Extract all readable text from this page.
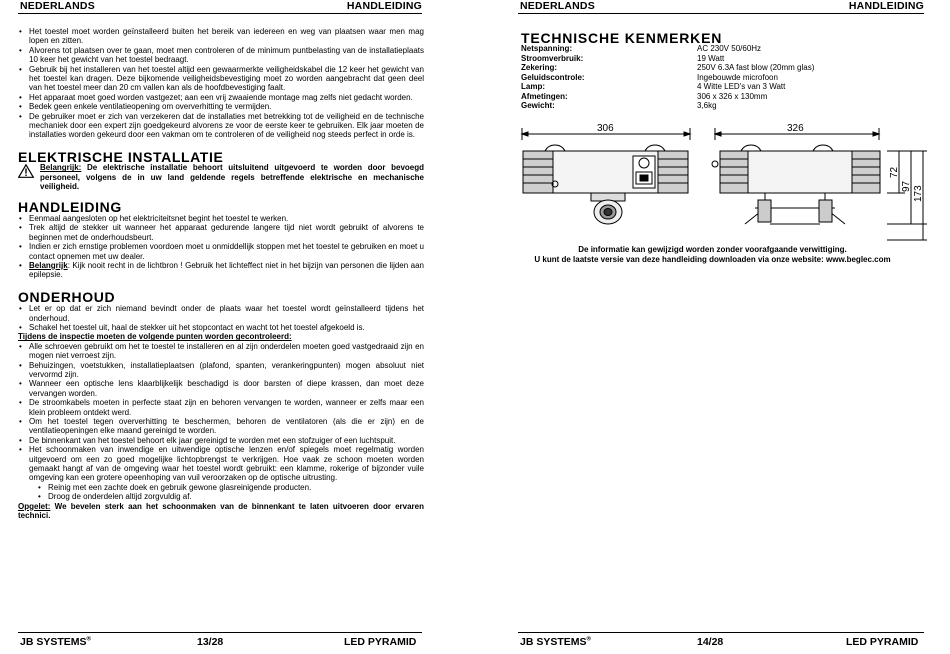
NEDERLANDS	HANDLEIDING
• Het toestel moet worden geïnstalleerd buiten het bereik van iedereen en weg van plaatsen waar men mag lopen en zitten.
• Alvorens tot plaatsen over te gaan, moet men controleren of de minimum puntbelasting van de installatieplaats 10 keer het gewicht van het toestel bedraagt.
• Gebruik bij het installeren van het toestel altijd een gewaarmerkte veiligheidskabel die 12 keer het gewicht van het toestel kan dragen. Deze bijkomende veiligheidsbevestiging moet zo worden aangebracht dat geen deel van het toestel meer dan 20 cm vallen kan als de hoofdbevestiging faalt.
• Het apparaat moet goed worden vastgezet; aan een vrij zwaaiende montage mag zelfs niet gedacht worden.
• Bedek geen enkele ventilatieopening om oververhitting te vermijden.
• De gebruiker moet er zich van verzekeren dat de installaties met betrekking tot de veiligheid en de technische mechaniek door een expert zijn goedgekeurd alvorens ze voor de eerste keer te gebruiken. Elk jaar moeten de installaties worden gekeurd door een vakman om te controleren of de veiligheid nog steeds perfect in orde is.
ELEKTRISCHE INSTALLATIE
Belangrijk: De elektrische installatie behoort uitsluitend uitgevoerd te worden door bevoegd personeel, volgens de in uw land geldende regels betreffende elektrische en mechanische veiligheid.
HANDLEIDING
• Eenmaal aangesloten op het elektriciteitsnet begint het toestel te werken.
• Trek altijd de stekker uit wanneer het apparaat gedurende langere tijd niet wordt gebruikt of alvorens te beginnen met de onderhoudsbeurt.
• Indien er zich ernstige problemen voordoen moet u onmiddellijk stoppen met het toestel te gebruiken en moet u contact opnemen met uw dealer.
• Belangrijk: Kijk nooit recht in de lichtbron ! Gebruik het lichteffect niet in het bijzijn van personen die lijden aan epilepsie.
ONDERHOUD
• Let er op dat er zich niemand bevindt onder de plaats waar het toestel wordt geïnstalleerd tijdens het onderhoud.
• Schakel het toestel uit, haal de stekker uit het stopcontact en wacht tot het toestel afgekoeld is.
Tijdens de inspectie moeten de volgende punten worden gecontroleerd:
• Alle schroeven gebruikt om het te toestel te installeren en al zijn onderdelen moeten goed vastgedraaid zijn en mogen niet verroest zijn.
• Behuizingen, voetstukken, installatieplaatsen (plafond, spanten, verankeringpunten) mogen absoluut niet vervormd zijn.
• Wanneer een optische lens klaarblijkelijk beschadigd is door barsten of diepe krassen, dan moet deze vervangen worden.
• De stroomkabels moeten in perfecte staat zijn en behoren vervangen te worden, wanneer er zelfs maar een klein probleem ontdekt werd.
• Om het toestel tegen oververhitting te beschermen, behoren de ventilatoren (als die er zijn) en de ventilatieopeningen elke maand gereinigd te worden.
• De binnenkant van het toestel behoort elk jaar gereinigd te worden met een stofzuiger of een luchtspuit.
• Het schoonmaken van inwendige en uitwendige optische lenzen en/of spiegels moet regelmatig worden uitgevoerd om een zo goed mogelijke lichtopbrengst te verkrijgen. Hoe vaak ze schoon moeten worden gemaakt hangt af van de omgeving waar het toestel wordt gebruikt: een klamme, rokerige of bijzonder vuile omgeving kan een grotere opeenhoping van vuil veroorzaken op de optische uitrusting.
• Reinig met een zachte doek en gebruik gewone glasreinigende producten.
• Droog de onderdelen altijd zorgvuldig af.
Opgelet: We bevelen sterk aan het schoonmaken van de binnenkant te laten uitvoeren door ervaren technici.
JB SYSTEMS®	13/28	LED PYRAMID
NEDERLANDS	HANDLEIDING
TECHNISCHE KENMERKEN
JB SYSTEMS®	14/28	LED PYRAMID
Netspanning:	AC 230V 50/60Hz
Stroomverbruik:	19 Watt
Zekering:	250V 6.3A fast blow (20mm glas)
Geluidscontrole:	Ingebouwde microfoon
Lamp:	4 Witte LED's van 3 Watt
Afmetingen:	306 x 326 x 130mm
Gewicht:	3,6kg
306	326
72
97 173
De informatie kan gewijzigd worden zonder voorafgaande verwittiging.
U kunt de laatste versie van deze handleiding downloaden via onze website: www.beglec.com
